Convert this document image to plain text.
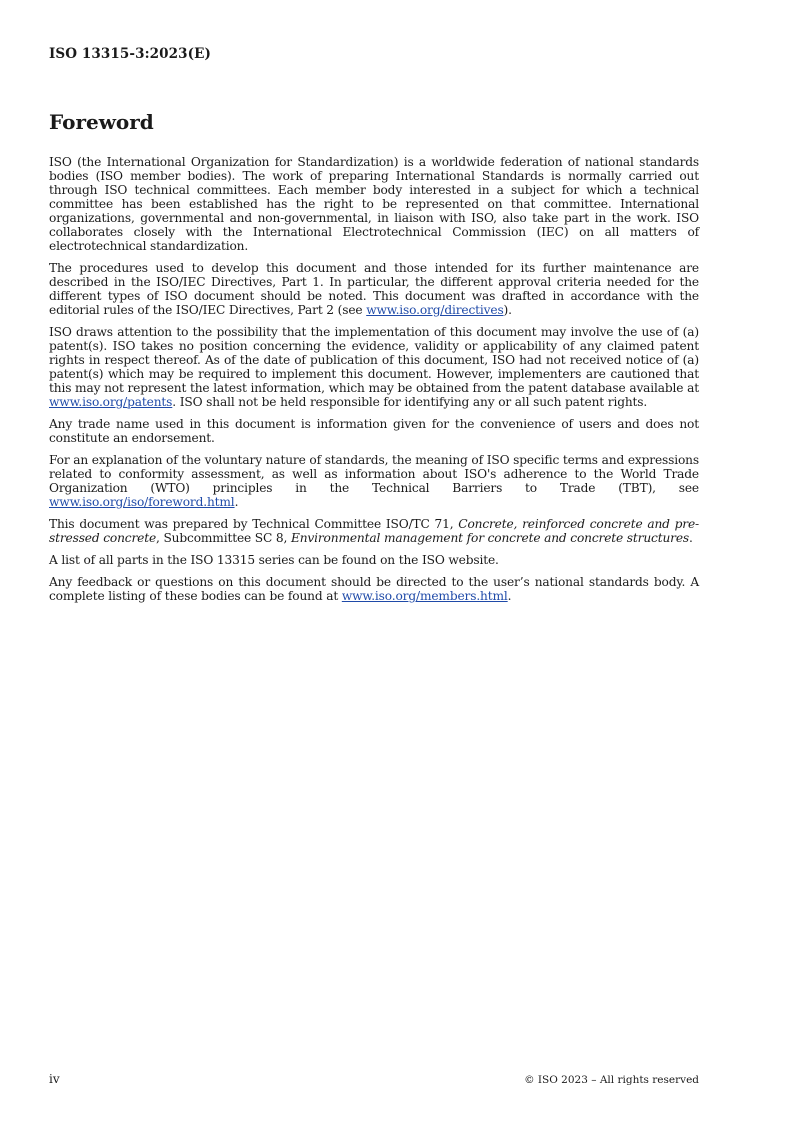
ISO 13315-3:2023(E)
Foreword

ISO (the International Organization for Standardization) is a worldwide federation of national standards bodies (ISO member bodies). The work of preparing International Standards is normally carried out through ISO technical committees. Each member body interested in a subject for which a technical committee has been established has the right to be represented on that committee. International organizations, governmental and non-governmental, in liaison with ISO, also take part in the work. ISO collaborates closely with the International Electrotechnical Commission (IEC) on all matters of electrotechnical standardization.

The procedures used to develop this document and those intended for its further maintenance are described in the ISO/IEC Directives, Part 1. In particular, the different approval criteria needed for the different types of ISO document should be noted. This document was drafted in accordance with the editorial rules of the ISO/IEC Directives, Part 2 (see www.iso.org/directives).

ISO draws attention to the possibility that the implementation of this document may involve the use of (a) patent(s). ISO takes no position concerning the evidence, validity or applicability of any claimed patent rights in respect thereof. As of the date of publication of this document, ISO had not received notice of (a) patent(s) which may be required to implement this document. However, implementers are cautioned that this may not represent the latest information, which may be obtained from the patent database available at www.iso.org/patents. ISO shall not be held responsible for identifying any or all such patent rights.

Any trade name used in this document is information given for the convenience of users and does not constitute an endorsement.

For an explanation of the voluntary nature of standards, the meaning of ISO specific terms and expressions related to conformity assessment, as well as information about ISO's adherence to the World Trade Organization (WTO) principles in the Technical Barriers to Trade (TBT), see www.iso.org/iso/foreword.html.

This document was prepared by Technical Committee ISO/TC 71, Concrete, reinforced concrete and pre-stressed concrete, Subcommittee SC 8, Environmental management for concrete and concrete structures.

A list of all parts in the ISO 13315 series can be found on the ISO website.

Any feedback or questions on this document should be directed to the user’s national standards body. A complete listing of these bodies can be found at www.iso.org/members.html.

iv	© ISO 2023 – All rights reserved
